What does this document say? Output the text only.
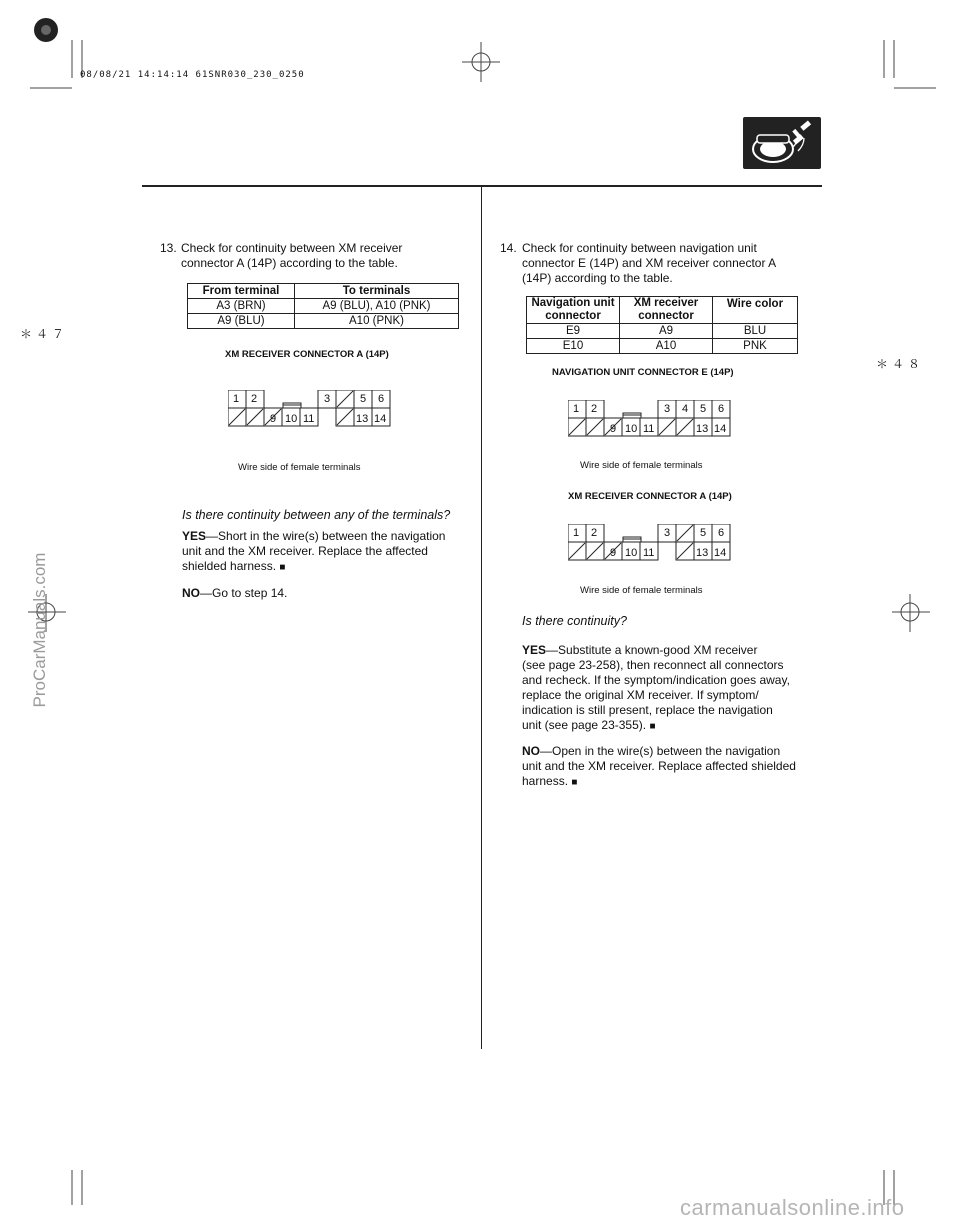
08/08/21 14:14:14 61SNR030_230_0250
＊４７
＊４８
13. Check for continuity between XM receiver
connector A (14P) according to the table.
From terminal	To terminals
A3 (BRN)	A9 (BLU), A10 (PNK)
A9 (BLU)	A10 (PNK)
XM RECEIVER CONNECTOR A (14P)
1 2	3	5 6
9 10 11	13 14
Wire side of female terminals
Is there continuity between any of the terminals?
YES—Short in the wire(s) between the navigation
unit and the XM receiver. Replace the affected
shielded harness. ■
NO—Go to step 14.
14. Check for continuity between navigation unit
connector E (14P) and XM receiver connector A
(14P) according to the table.
Navigation unit connector	XM receiver connector	Wire color
E9	A9	BLU
E10	A10	PNK
NAVIGATION UNIT CONNECTOR E (14P)
1 2	3 4 5 6
9 10 11	13 14
Wire side of female terminals
XM RECEIVER CONNECTOR A (14P)
1 2	3	5 6
9 10 11	13 14
Wire side of female terminals
Is there continuity?
YES—Substitute a known-good XM receiver
(see page 23-258), then reconnect all connectors
and recheck. If the symptom/indication goes away,
replace the original XM receiver. If symptom/
indication is still present, replace the navigation
unit (see page 23-355). ■
NO—Open in the wire(s) between the navigation
unit and the XM receiver. Replace affected shielded
harness. ■
ProCarManuals.com
carmanualsonline.info
